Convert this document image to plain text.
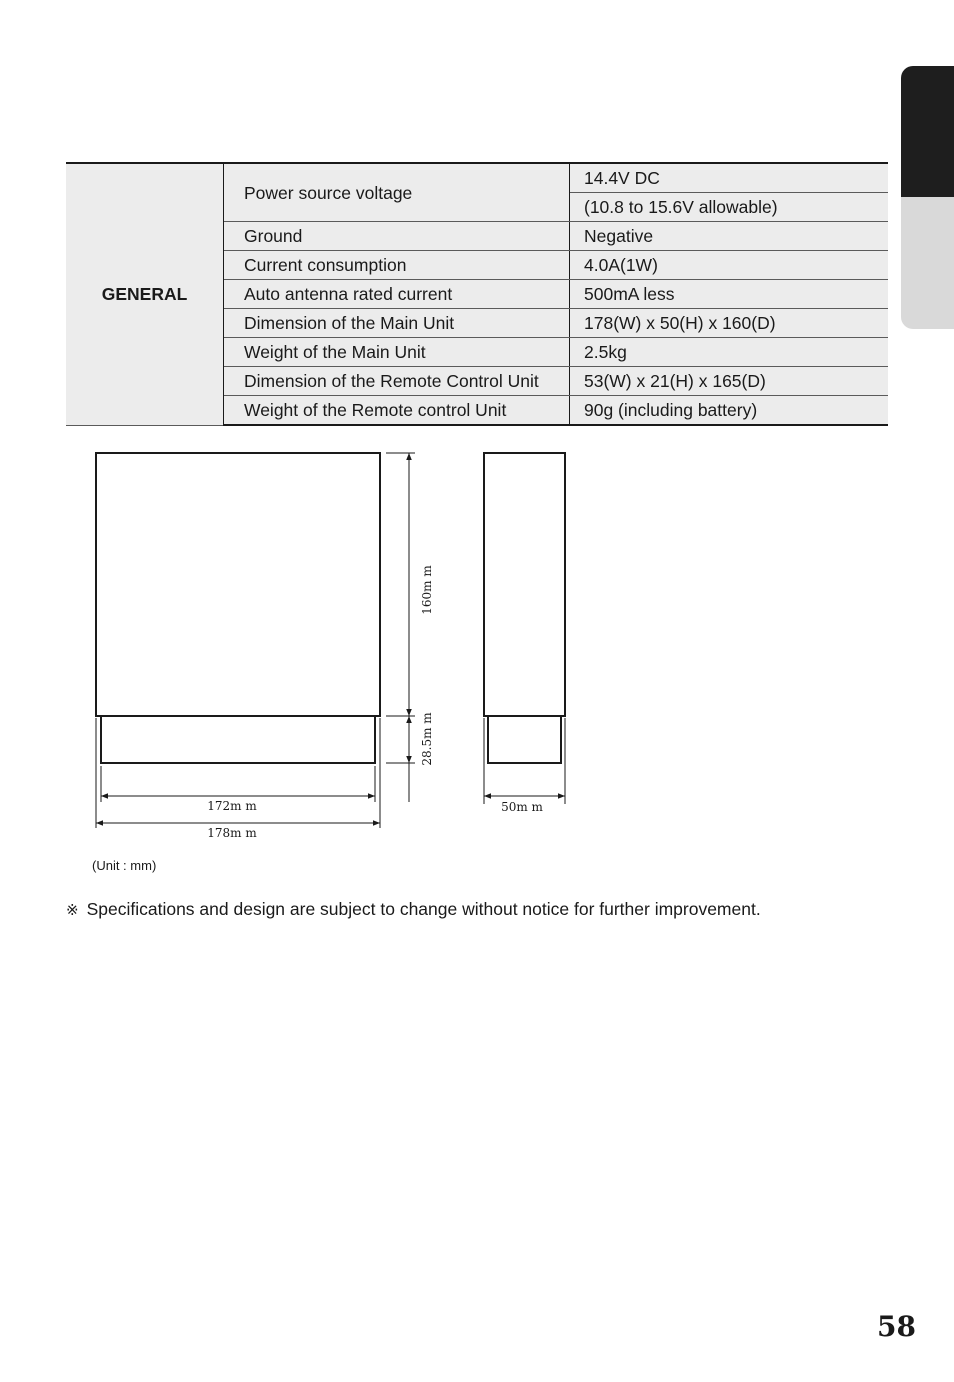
GENERAL	Power source voltage	14.4V DC
		(10.8 to 15.6V allowable)
	Ground	Negative
	Current consumption	4.0A(1W)
	Auto antenna rated current	500mA less
	Dimension of the Main Unit	178(W) x 50(H) x 160(D)
	Weight of the Main Unit	2.5kg
	Dimension of the Remote Control Unit	53(W) x 21(H) x 165(D)
	Weight of the Remote control Unit	90g (including battery)
172m m
178m m
160m m
28.5m m
50m m
(Unit : mm)
※ Specifications and design are subject to change without notice for further improvement.
58
